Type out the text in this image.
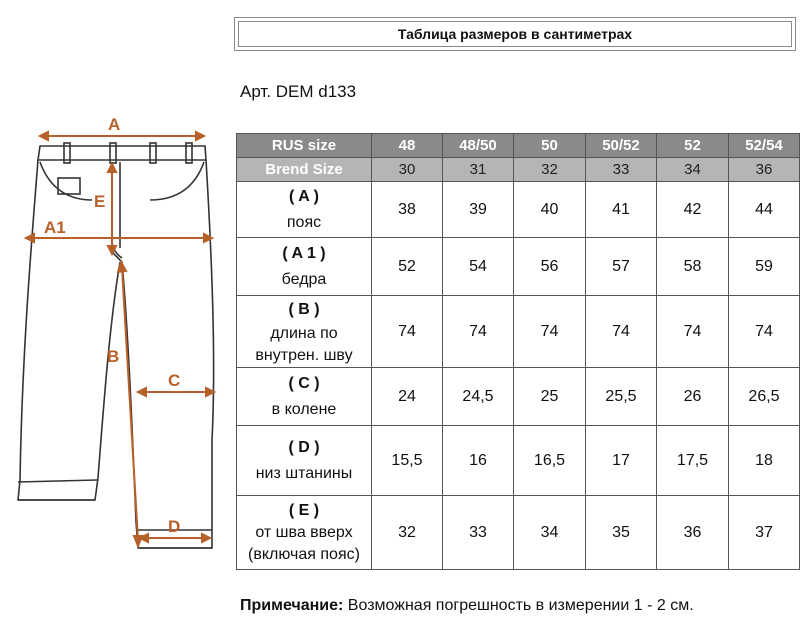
A
A1
E
B
C
D
Таблица размеров в сантиметрах
Арт. DEM d133
RUS size	48	48/50	50	50/52	52	52/54
Brend Size	30	31	32	33	34	36

( A )
пояс	38	39	40	41	42	44

( A 1 )
бедра	52	54	56	57	58	59

( B )
длина по внутрен. шву	74	74	74	74	74	74

( C )
в колене	24	24,5	25	25,5	26	26,5

( D )
низ штанины	15,5	16	16,5	17	17,5	18

( E )
от шва вверх (включая пояс)	32	33	34	35	36	37
Примечание: Возможная погрешность в измерении 1 - 2 см.
